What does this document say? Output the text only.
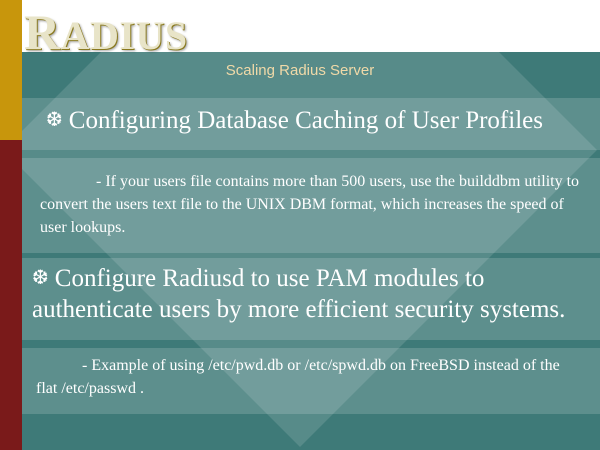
RADIUS
Scaling Radius Server
❆ Configuring Database Caching of User Profiles
- If your users file contains more than 500 users, use the builddbm utility to convert the users text file to the UNIX DBM format, which increases the speed of user lookups.
❆ Configure Radiusd to use PAM modules to authenticate users by more efficient security systems.
- Example of using /etc/pwd.db or /etc/spwd.db on FreeBSD instead of the flat /etc/passwd .
